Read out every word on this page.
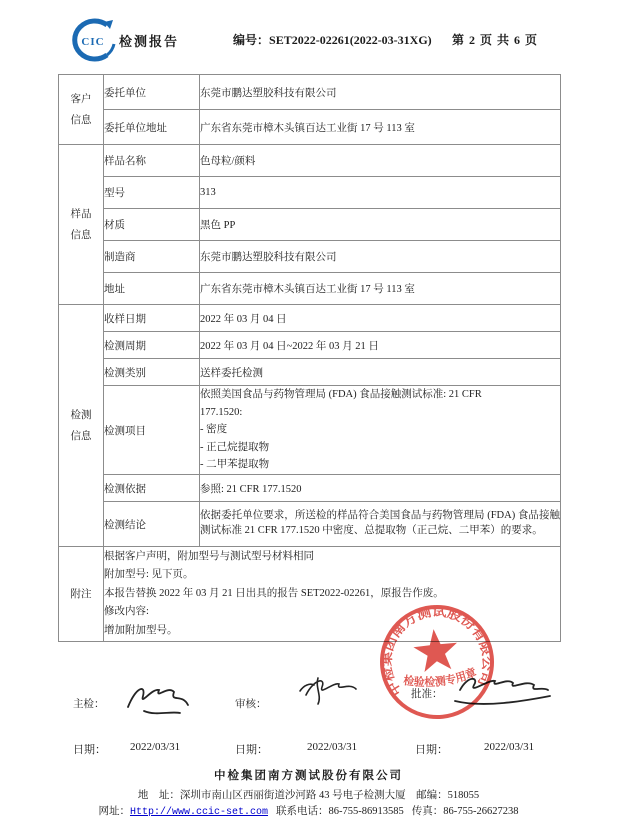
CIC 检测报告	编号：SET2022-02261(2022-03-31XG) 第 2 页 共 6 页
客户
信息	委托单位	东莞市鹏达塑胶科技有限公司
	委托单位地址	广东省东莞市樟木头镇百达工业街 17 号 113 室

样品
信息	样品名称	色母粒/颜料
	型号	313
	材质	黑色 PP
	制造商	东莞市鹏达塑胶科技有限公司
	地址	广东省东莞市樟木头镇百达工业街 17 号 113 室

检测
信息	收样日期	2022 年 03 月 04 日
	检测周期	2022 年 03 月 04 日~2022 年 03 月 21 日
	检测类别	送样委托检测
	检测项目	依照美国食品与药物管理局 (FDA) 食品接触测试标准: 21 CFR
177.1520:
- 密度
- 正己烷提取物
- 二甲苯提取物

	检测依据	参照: 21 CFR 177.1520
	检测结论	依据委托单位要求，所送检的样品符合美国食品与药物管理局 (FDA) 食品接触测试标准 21 CFR 177.1520 中密度、总提取物（正己烷、二甲苯）的要求。
附注	根据客户声明，附加型号与测试型号材料相同
附加型号: 见下页。
本报告替换 2022 年 03 月 21 日出具的报告 SET2022-02261，原报告作废。
修改内容:
增加附加型号。	
主检：	审核：
批准：
日期： 2022/03/31	日期：	2022/03/31	日期：	2022/03/31
中检集团南方测试股份有限公司
检验检测专用章
中检集团南方测试股份有限公司
地　址：深圳市南山区西丽街道沙河路 43 号电子检测大厦　邮编：518055
网址：Http://www.ccic-set.com 联系电话：86-755-86913585 传真：86-755-26627238
